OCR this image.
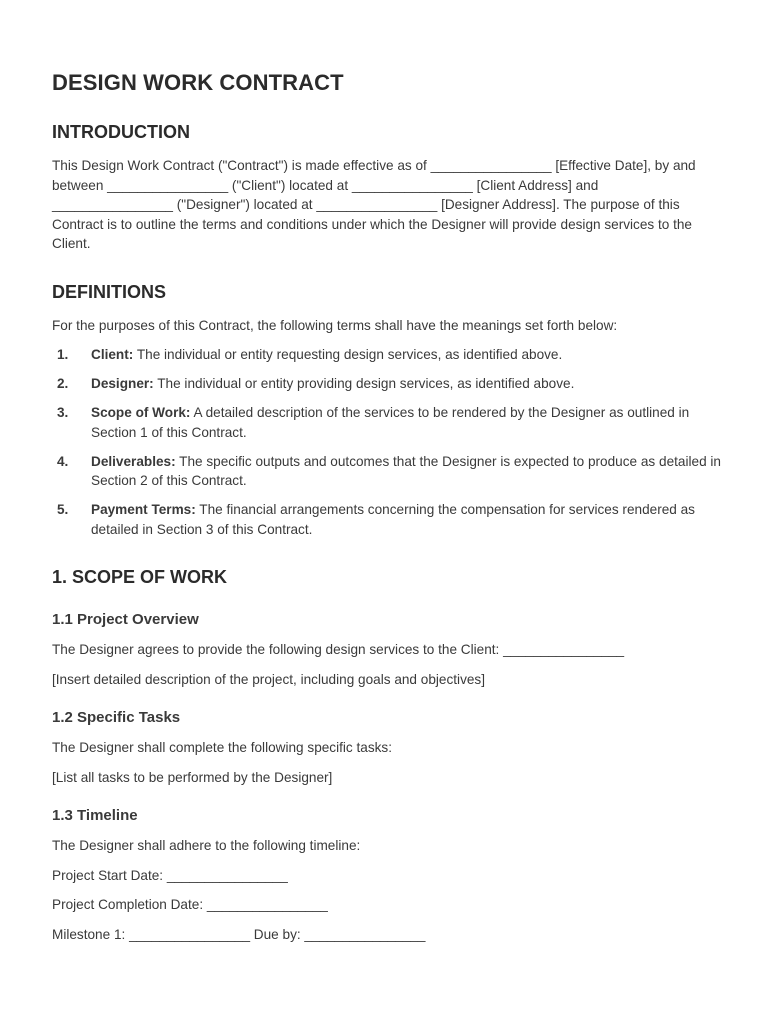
DESIGN WORK CONTRACT
INTRODUCTION

This Design Work Contract ("Contract") is made effective as of ________________ [Effective Date], by and between ________________ ("Client") located at ________________ [Client Address] and ________________ ("Designer") located at ________________ [Designer Address]. The purpose of this Contract is to outline the terms and conditions under which the Designer will provide design services to the Client.

DEFINITIONS

For the purposes of this Contract, the following terms shall have the meanings set forth below:

1. Client: The individual or entity requesting design services, as identified above.
2. Designer: The individual or entity providing design services, as identified above.
3. Scope of Work: A detailed description of the services to be rendered by the Designer as outlined in Section 1 of this Contract.
4. Deliverables: The specific outputs and outcomes that the Designer is expected to produce as detailed in Section 2 of this Contract.
5. Payment Terms: The financial arrangements concerning the compensation for services rendered as detailed in Section 3 of this Contract.
1. SCOPE OF WORK
1.1 Project Overview

The Designer agrees to provide the following design services to the Client: ________________

[Insert detailed description of the project, including goals and objectives]

1.2 Specific Tasks

The Designer shall complete the following specific tasks:

[List all tasks to be performed by the Designer]

1.3 Timeline

The Designer shall adhere to the following timeline:

Project Start Date: ________________

Project Completion Date: ________________

Milestone 1: ________________ Due by: ________________
